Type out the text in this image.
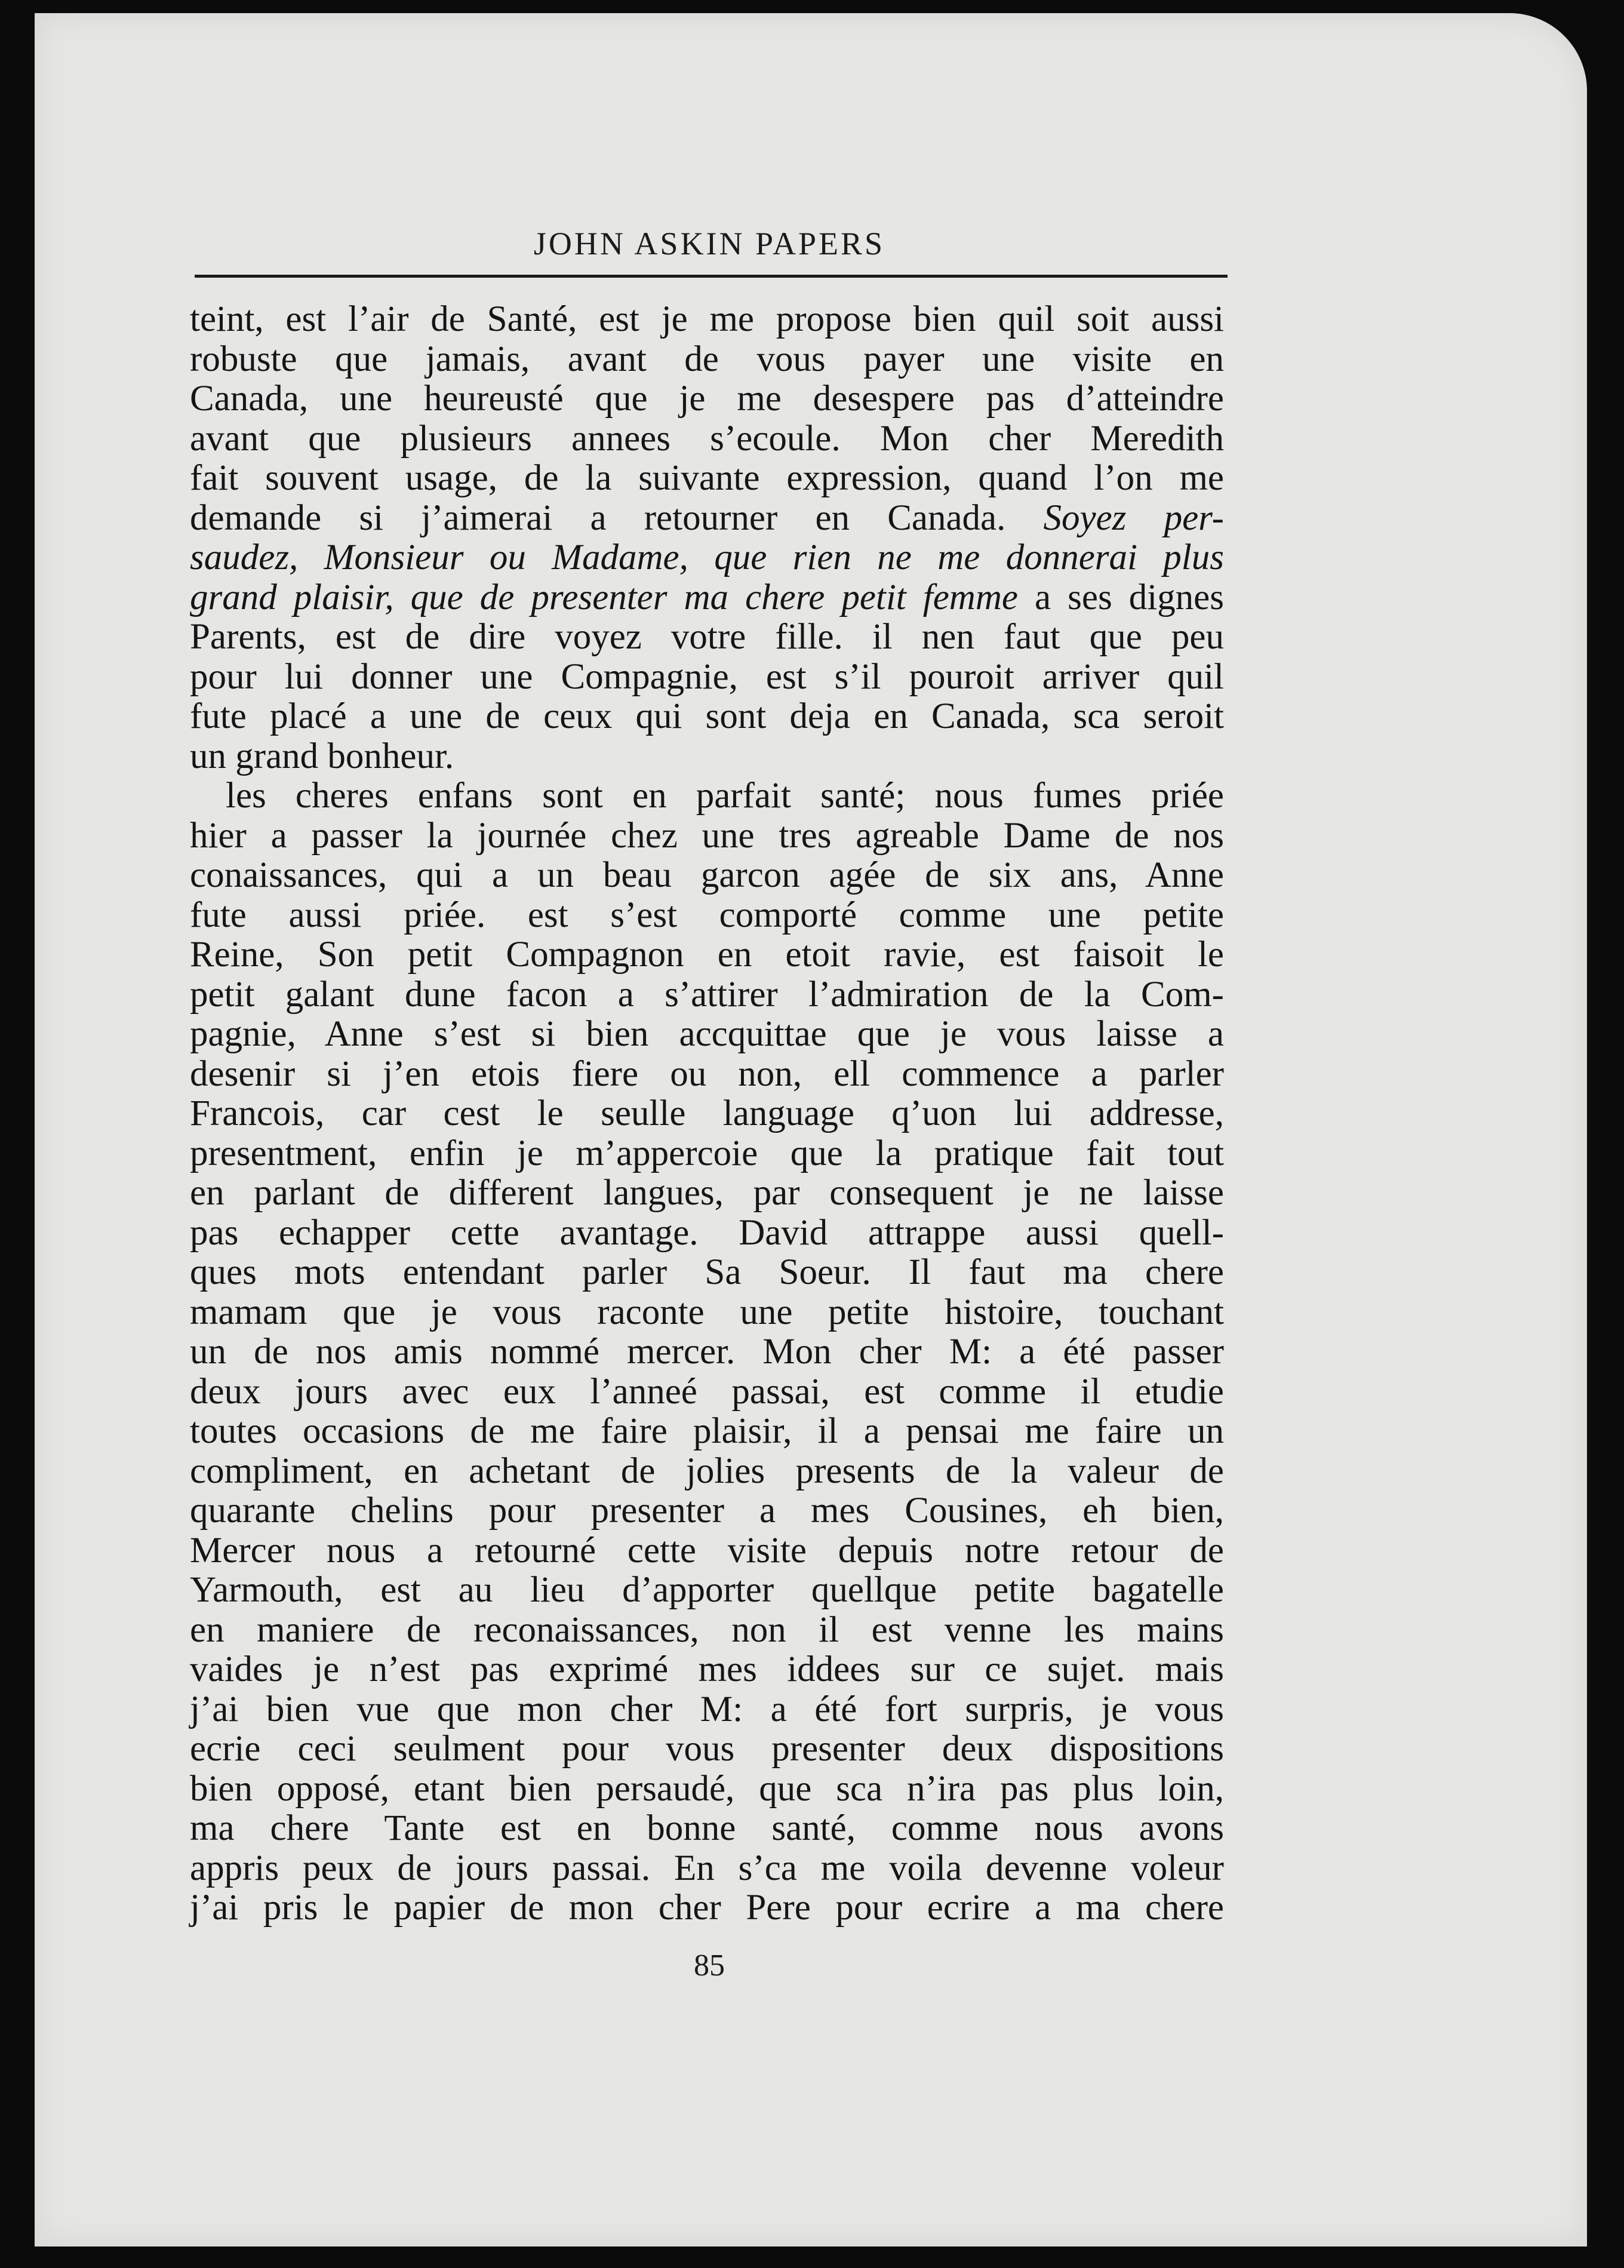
JOHN ASKIN PAPERS
teint, est l’air de Santé, est je me propose bien quil soit aussi
robuste que jamais, avant de vous payer une visite en
Canada, une heureusté que je me desespere pas d’atteindre
avant que plusieurs annees s’ecoule. Mon cher Meredith
fait souvent usage, de la suivante expression, quand l’on me
demande si j’aimerai a retourner en Canada. Soyez per-
saudez, Monsieur ou Madame, que rien ne me donnerai plus
grand plaisir, que de presenter ma chere petit femme a ses dignes
Parents, est de dire voyez votre fille. il nen faut que peu
pour lui donner une Compagnie, est s’il pouroit arriver quil
fute placé a une de ceux qui sont deja en Canada, sca seroit
un grand bonheur.
les cheres enfans sont en parfait santé; nous fumes priée
hier a passer la journée chez une tres agreable Dame de nos
conaissances, qui a un beau garcon agée de six ans, Anne
fute aussi priée. est s’est comporté comme une petite
Reine, Son petit Compagnon en etoit ravie, est faisoit le
petit galant dune facon a s’attirer l’admiration de la Com-
pagnie, Anne s’est si bien accquittae que je vous laisse a
desenir si j’en etois fiere ou non, ell commence a parler
Francois, car cest le seulle language q’uon lui addresse,
presentment, enfin je m’appercoie que la pratique fait tout
en parlant de different langues, par consequent je ne laisse
pas echapper cette avantage. David attrappe aussi quell-
ques mots entendant parler Sa Soeur. Il faut ma chere
mamam que je vous raconte une petite histoire, touchant
un de nos amis nommé mercer. Mon cher M: a été passer
deux jours avec eux l’anneé passai, est comme il etudie
toutes occasions de me faire plaisir, il a pensai me faire un
compliment, en achetant de jolies presents de la valeur de
quarante chelins pour presenter a mes Cousines, eh bien,
Mercer nous a retourné cette visite depuis notre retour de
Yarmouth, est au lieu d’apporter quellque petite bagatelle
en maniere de reconaissances, non il est venne les mains
vaides je n’est pas exprimé mes iddees sur ce sujet. mais
j’ai bien vue que mon cher M: a été fort surpris, je vous
ecrie ceci seulment pour vous presenter deux dispositions
bien opposé, etant bien persaudé, que sca n’ira pas plus loin,
ma chere Tante est en bonne santé, comme nous avons
appris peux de jours passai. En s’ca me voila devenne voleur
j’ai pris le papier de mon cher Pere pour ecrire a ma chere
85
